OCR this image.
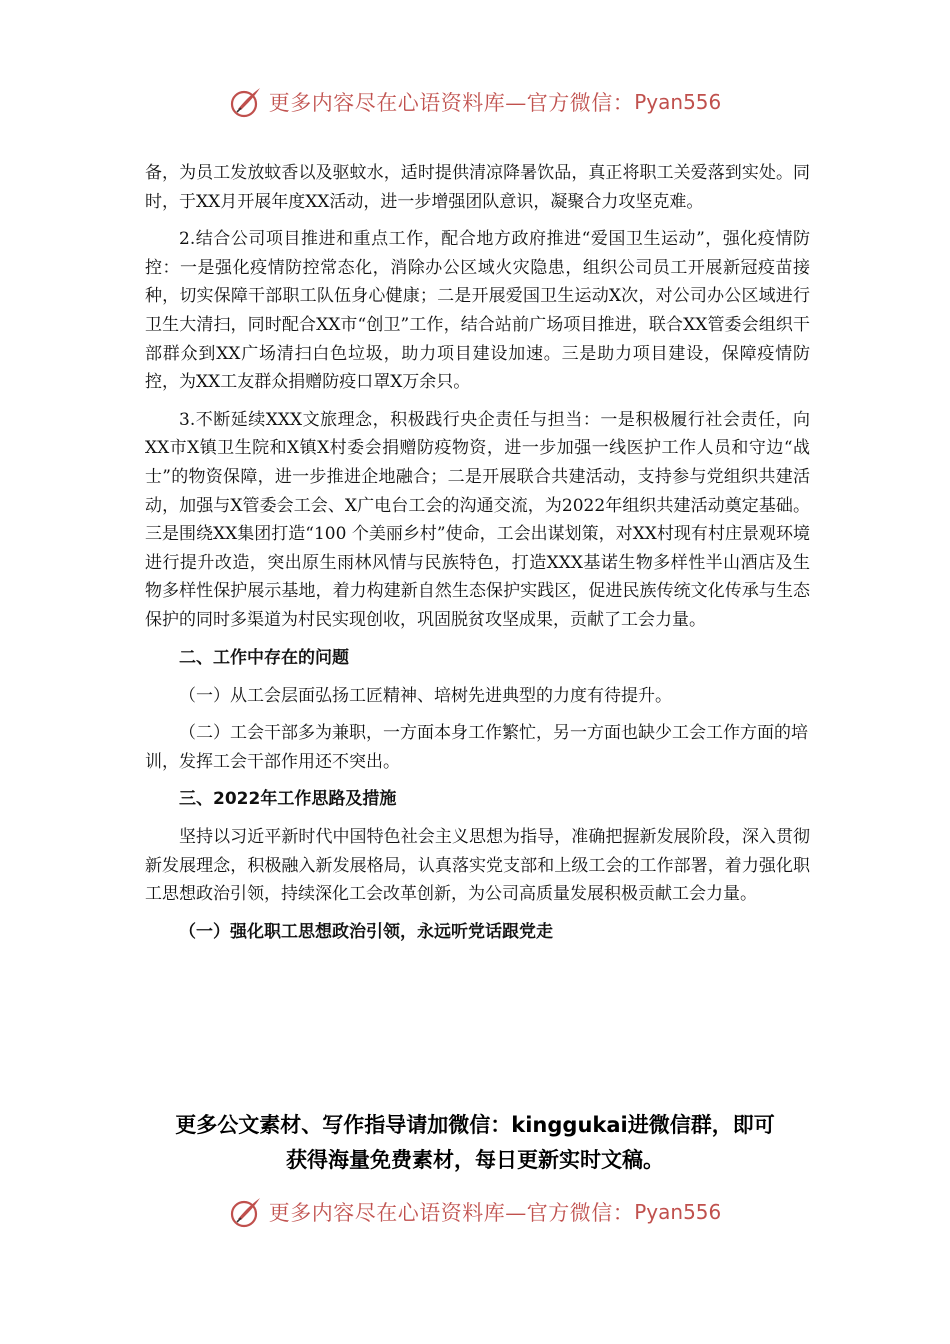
更多内容尽在心语资料库—官方微信： Pyan556

备，为员工发放蚊香以及驱蚊水，适时提供清凉降暑饮品，真正将职工关爱落到实处。同时，于XX月开展年度XX活动，进一步增强团队意识，凝聚合力攻坚克难。

2.结合公司项目推进和重点工作，配合地方政府推进“爱国卫生运动”，强化疫情防控：一是强化疫情防控常态化，消除办公区域火灾隐患，组织公司员工开展新冠疫苗接种，切实保障干部职工队伍身心健康；二是开展爱国卫生运动X次，对公司办公区域进行卫生大清扫，同时配合XX市“创卫”工作，结合站前广场项目推进，联合XX管委会组织干部群众到XX广场清扫白色垃圾，助力项目建设加速。三是助力项目建设，保障疫情防控，为XX工友群众捐赠防疫口罩X万余只。

3.不断延续XXX文旅理念，积极践行央企责任与担当：一是积极履行社会责任，向XX市X镇卫生院和X镇X村委会捐赠防疫物资，进一步加强一线医护工作人员和守边“战士”的物资保障，进一步推进企地融合；二是开展联合共建活动，支持参与党组织共建活动，加强与X管委会工会、X广电台工会的沟通交流，为2022年组织共建活动奠定基础。三是围绕XX集团打造“100 个美丽乡村”使命，工会出谋划策，对XX村现有村庄景观环境进行提升改造，突出原生雨林风情与民族特色，打造XXX基诺生物多样性半山酒店及生物多样性保护展示基地，着力构建新自然生态保护实践区，促进民族传统文化传承与生态保护的同时多渠道为村民实现创收，巩固脱贫攻坚成果，贡献了工会力量。

二、工作中存在的问题

（一）从工会层面弘扬工匠精神、培树先进典型的力度有待提升。

（二）工会干部多为兼职，一方面本身工作繁忙，另一方面也缺少工会工作方面的培训，发挥工会干部作用还不突出。

三、2022年工作思路及措施

坚持以习近平新时代中国特色社会主义思想为指导，准确把握新发展阶段，深入贯彻新发展理念，积极融入新发展格局，认真落实党支部和上级工会的工作部署，着力强化职工思想政治引领，持续深化工会改革创新，为公司高质量发展积极贡献工会力量。

（一）强化职工思想政治引领，永远听党话跟党走

更多公文素材、写作指导请加微信：kinggukai进微信群，即可
获得海量免费素材，每日更新实时文稿。
更多内容尽在心语资料库—官方微信： Pyan556
